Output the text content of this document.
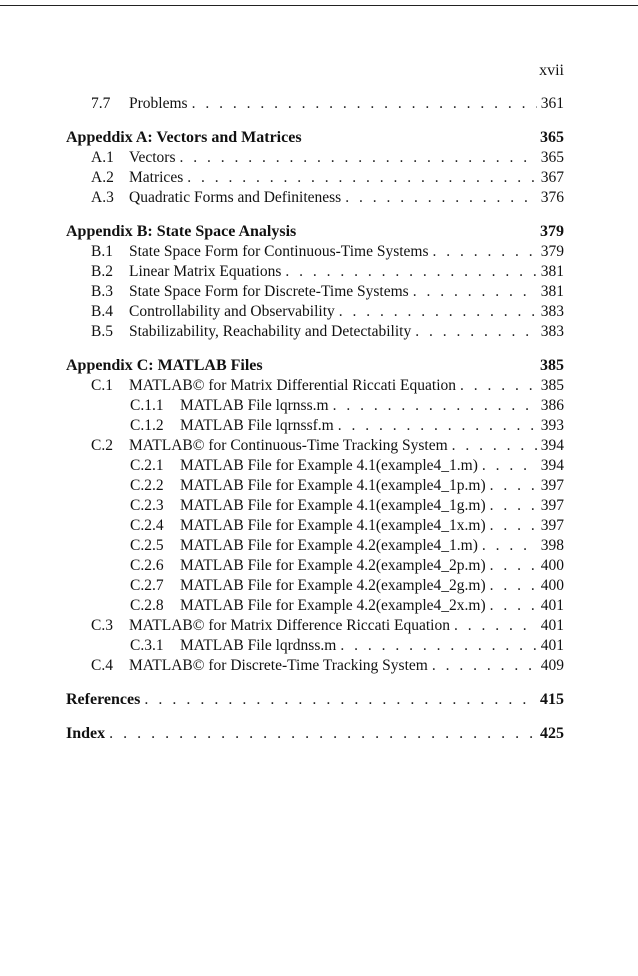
xvii
7.7 Problems . . .	361
Appeddix A: Vectors and Matrices	365
A.1 Vectors . . .	365
A.2 Matrices . . .	367
A.3 Quadratic Forms and Definiteness . . .	376
Appendix B: State Space Analysis	379
B.1 State Space Form for Continuous-Time Systems . . .	379
B.2 Linear Matrix Equations . . .	381
B.3 State Space Form for Discrete-Time Systems . . .	381
B.4 Controllability and Observability . . .	383
B.5 Stabilizability, Reachability and Detectability . . .	383
Appendix C: MATLAB Files	385
C.1 MATLAB© for Matrix Differential Riccati Equation . . .	385
C.1.1 MATLAB File lqrnss.m . . .	386
C.1.2 MATLAB File lqrnssf.m . . .	393
C.2 MATLAB© for Continuous-Time Tracking System . . .	394
C.2.1 MATLAB File for Example 4.1(example4_1.m) . . .	394
C.2.2 MATLAB File for Example 4.1(example4_1p.m) . . .	397
C.2.3 MATLAB File for Example 4.1(example4_1g.m) . . .	397
C.2.4 MATLAB File for Example 4.1(example4_1x.m) . . .	397
C.2.5 MATLAB File for Example 4.2(example4_1.m) . . .	398
C.2.6 MATLAB File for Example 4.2(example4_2p.m) . . .	400
C.2.7 MATLAB File for Example 4.2(example4_2g.m) . . .	400
C.2.8 MATLAB File for Example 4.2(example4_2x.m) . . .	401
C.3 MATLAB© for Matrix Difference Riccati Equation . . .	401
C.3.1 MATLAB File lqrdnss.m . . .	401
C.4 MATLAB© for Discrete-Time Tracking System . . .	409
References . . .	415
Index . . .	425
